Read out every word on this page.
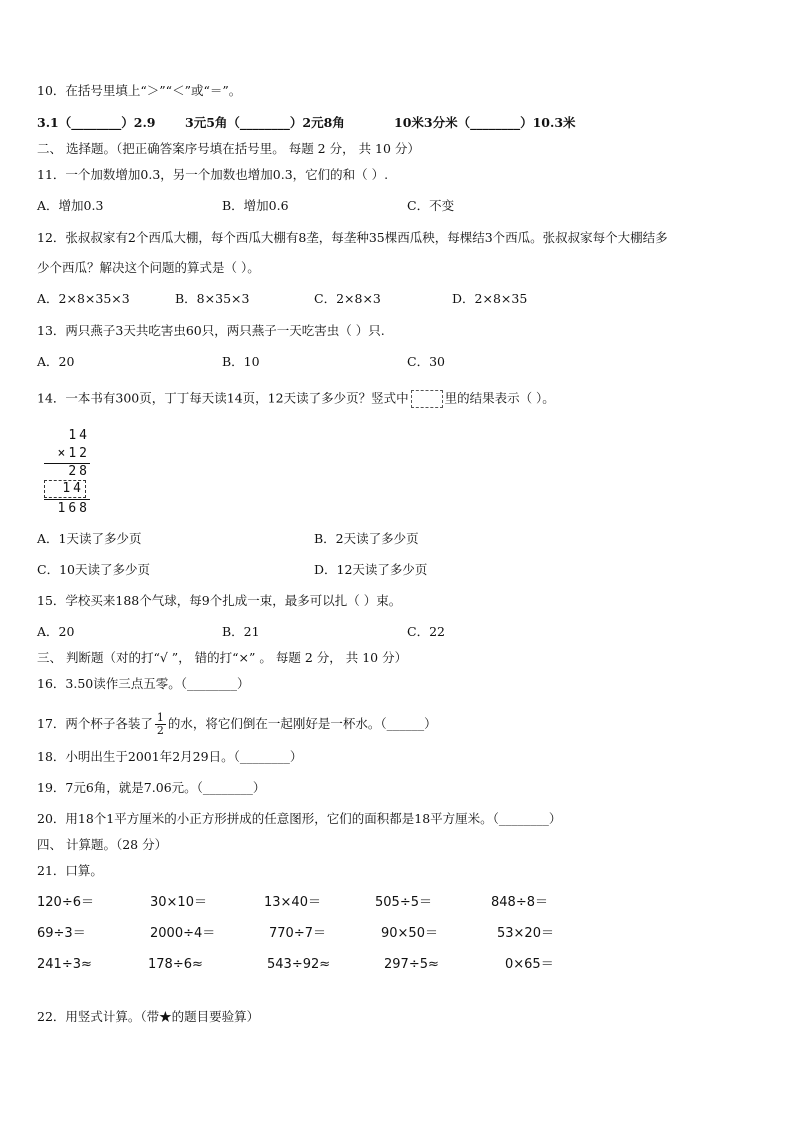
10．在括号里填上“＞”“＜”或“＝”。
3.1（________）2.9 3元5角（________）2元8角	10米3分米（________）10.3米
二、 选择题。（把正确答案序号填在括号里。 每题 2 分， 共 10 分）
11．一个加数增加0.3，另一个加数也增加0.3，它们的和（ ）.
A．增加0.3	B．增加0.6	C．不变
12．张叔叔家有2个西瓜大棚，每个西瓜大棚有8垄，每垄种35棵西瓜秧，每棵结3个西瓜。张叔叔家每个大棚结多
少个西瓜？解决这个问题的算式是（ ）。
A．2×8×35×3	B．8×35×3	C．2×8×3	D．2×8×35
13．两只燕子3天共吃害虫60只，两只燕子一天吃害虫（ ）只.
A．20	B．10	C．30
14．一本书有300页，丁丁每天读14页，12天读了多少页？竖式中	里的结果表示（ ）。
14
×12
28
14
168
A．1天读了多少页	B．2天读了多少页
C．10天读了多少页	D．12天读了多少页
15．学校买来188个气球，每9个扎成一束，最多可以扎（ ）束。
A．20	B．21	C．22
三、 判断题（对的打“√ ”， 错的打“×” 。 每题 2 分， 共 10 分）
16．3.50读作三点五零。（________）
17．两个杯子各装了 $\frac{1}{2}$ 的水，将它们倒在一起刚好是一杯水。（______）
18．小明出生于2001年2月29日。（________）
19．7元6角，就是7.06元。（________）
20．用18个1平方厘米的小正方形拼成的任意图形，它们的面积都是18平方厘米。（________）
四、 计算题。（28 分）
21．口算。
120÷6＝	30×10＝	13×40＝	505÷5＝	848÷8＝
69÷3＝	2000÷4＝	770÷7＝	90×50＝	53×20＝
241÷3≈	178÷6≈	543÷92≈	297÷5≈	0×65＝
22．用竖式计算。（带★的题目要验算）
